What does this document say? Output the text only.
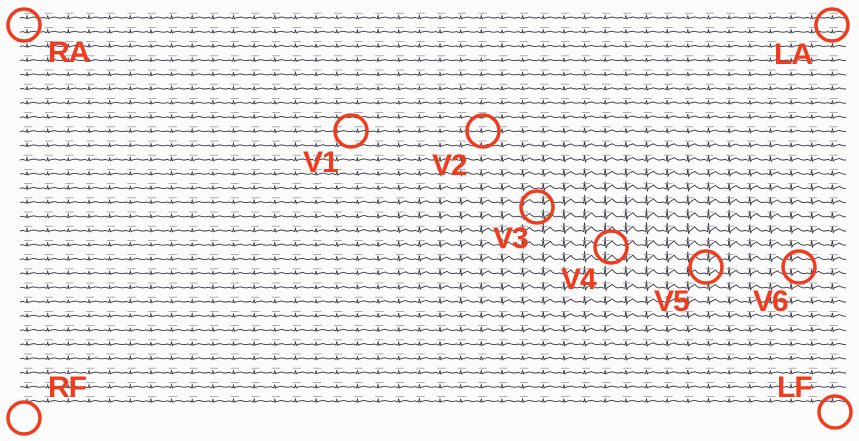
RA	LA
V1	V2
V3
V4
V5 V6
RF	LF
